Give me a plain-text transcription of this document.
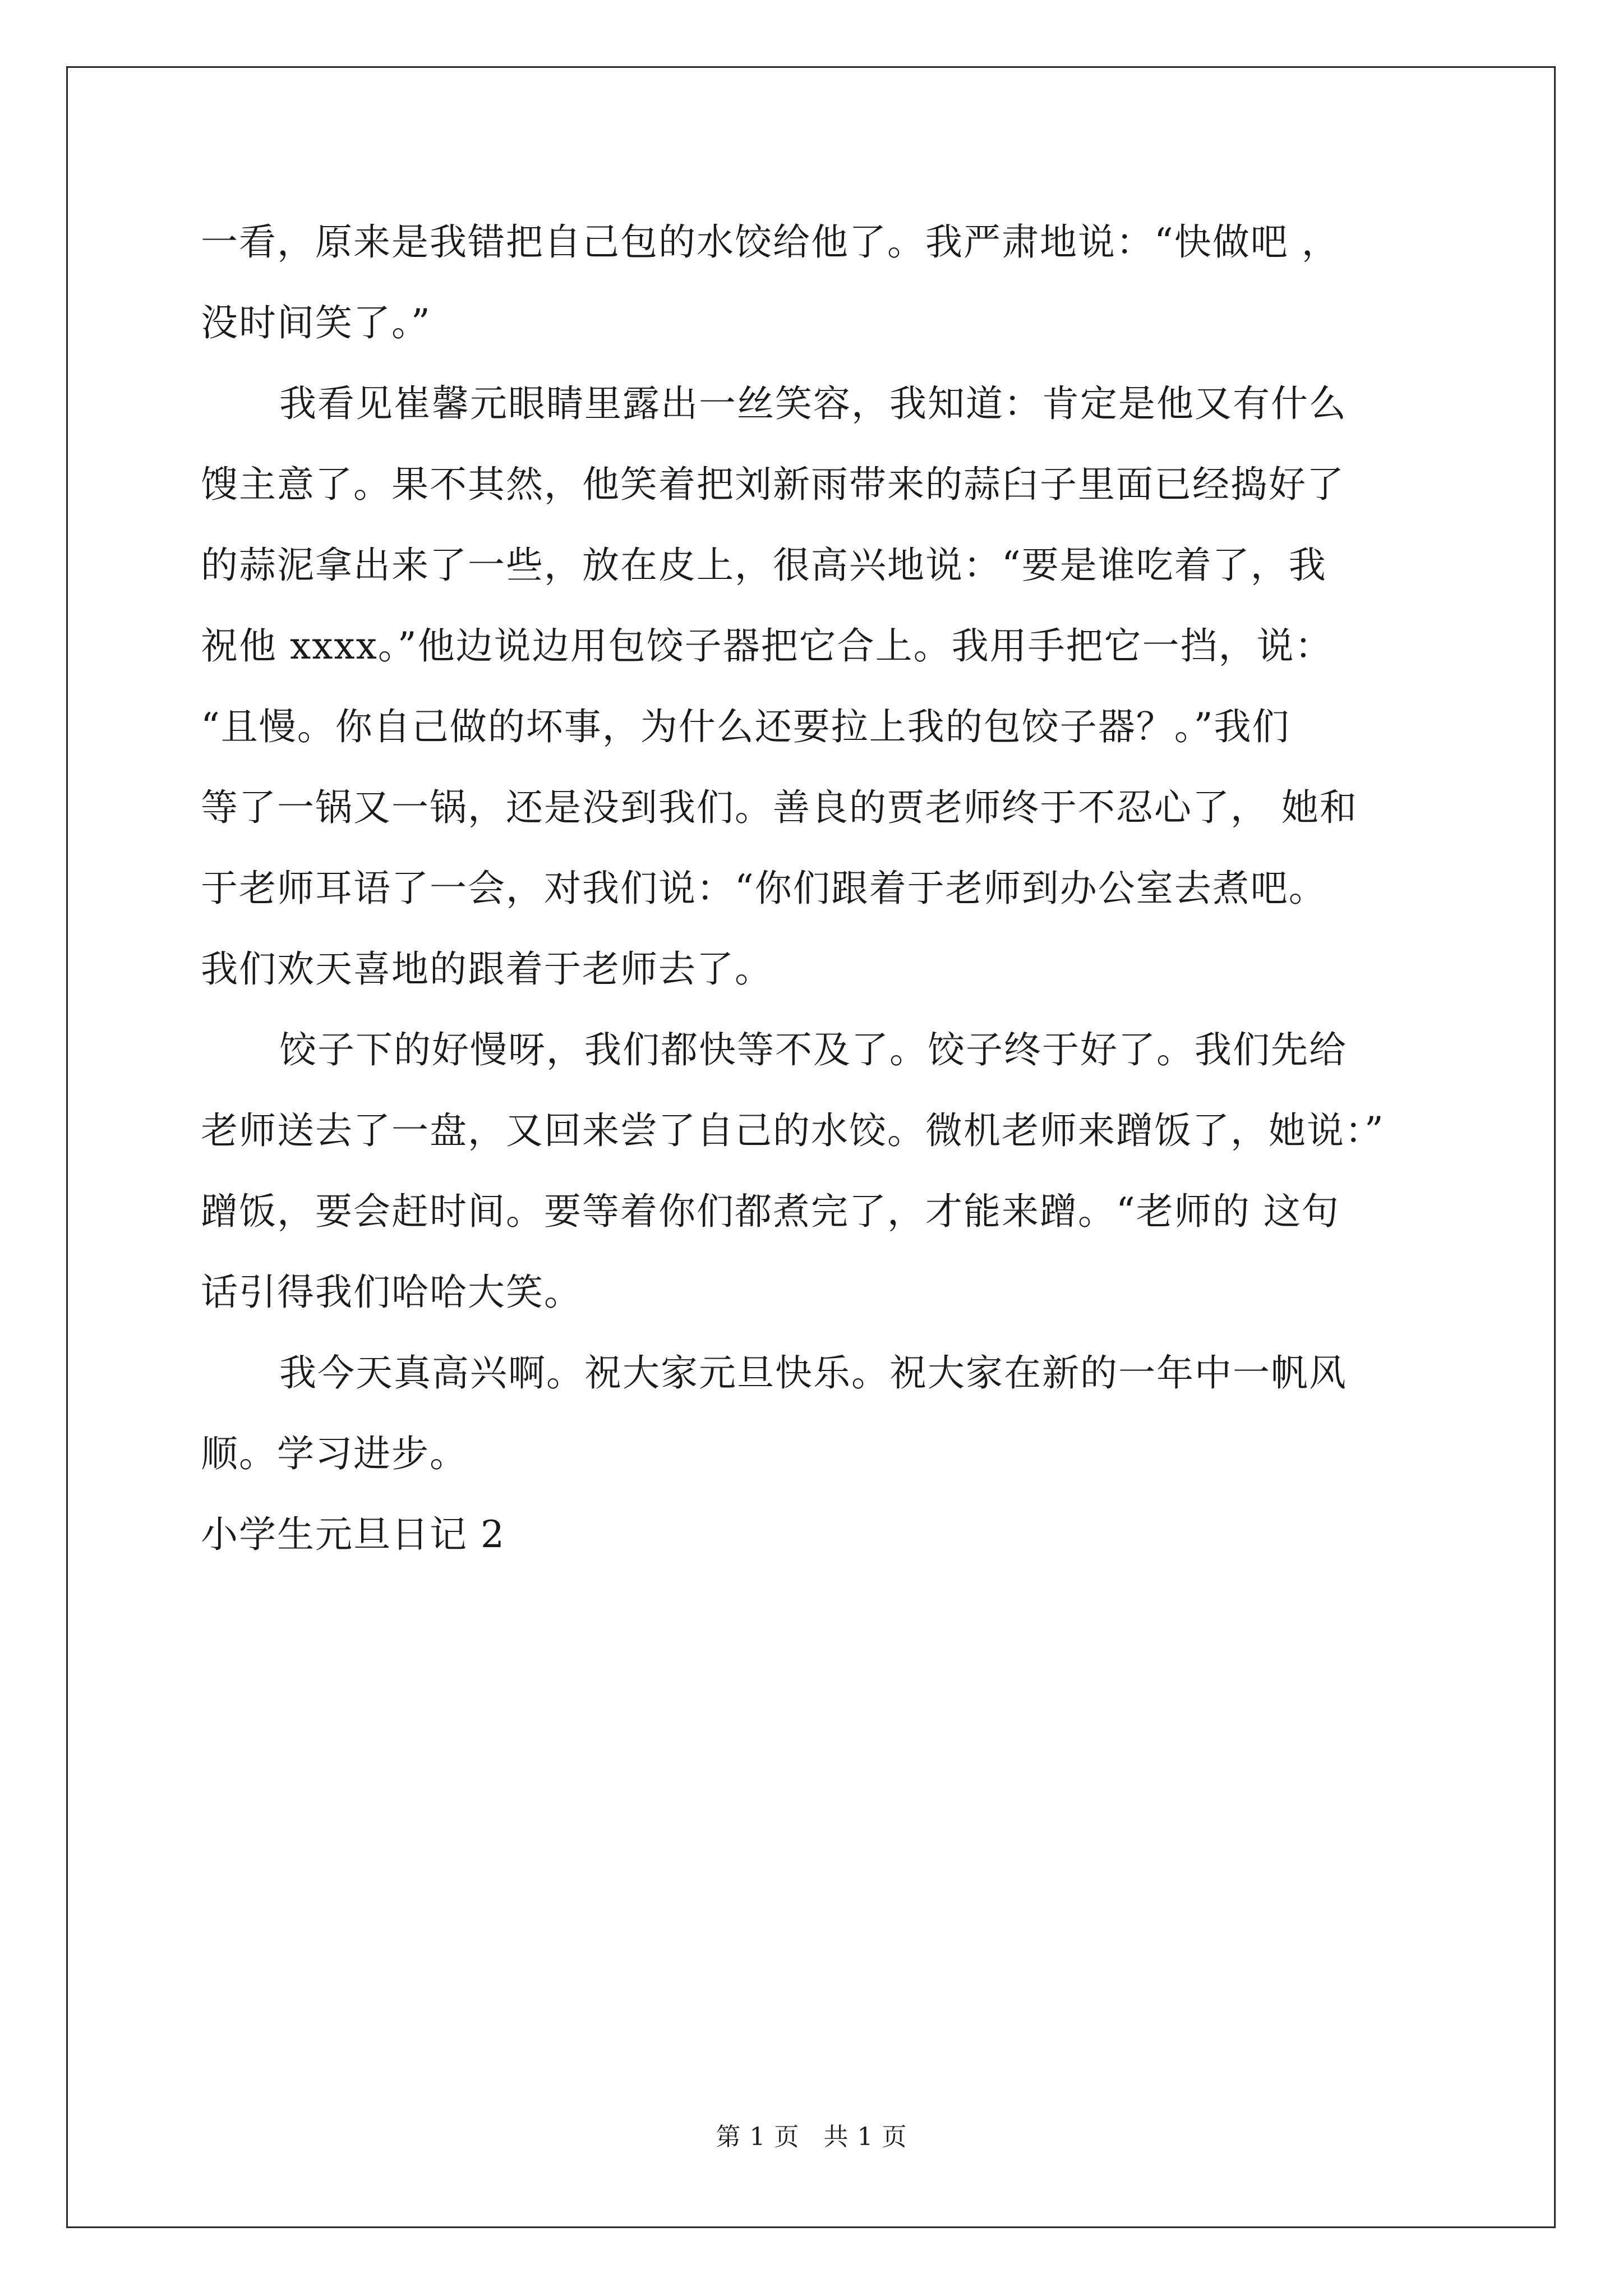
一看，原来是我错把自己包的水饺给他了。我严肃地说：“快做吧 ，
没时间笑了。”
我看见崔馨元眼睛里露出一丝笑容，我知道：肯定是他又有什么
馊主意了。果不其然，他笑着把刘新雨带来的蒜臼子里面已经捣好了
的蒜泥拿出来了一些，放在皮上，很高兴地说：“要是谁吃着了，我
祝他 xxxx。”他边说边用包饺子器把它合上。我用手把它一挡，说：
“且慢。你自己做的坏事，为什么还要拉上我的包饺子器？。”我们
等了一锅又一锅，还是没到我们。善良的贾老师终于不忍心了， 她和
于老师耳语了一会，对我们说：“你们跟着于老师到办公室去煮吧。
我们欢天喜地的跟着于老师去了。
饺子下的好慢呀，我们都快等不及了。饺子终于好了。我们先给
老师送去了一盘，又回来尝了自己的水饺。微机老师来蹭饭了，她说：”
蹭饭，要会赶时间。要等着你们都煮完了，才能来蹭。“老师的 这句
话引得我们哈哈大笑。
我今天真高兴啊。祝大家元旦快乐。祝大家在新的一年中一帆风
顺。学习进步。
小学生元旦日记 2
第 1 页 共 1 页
